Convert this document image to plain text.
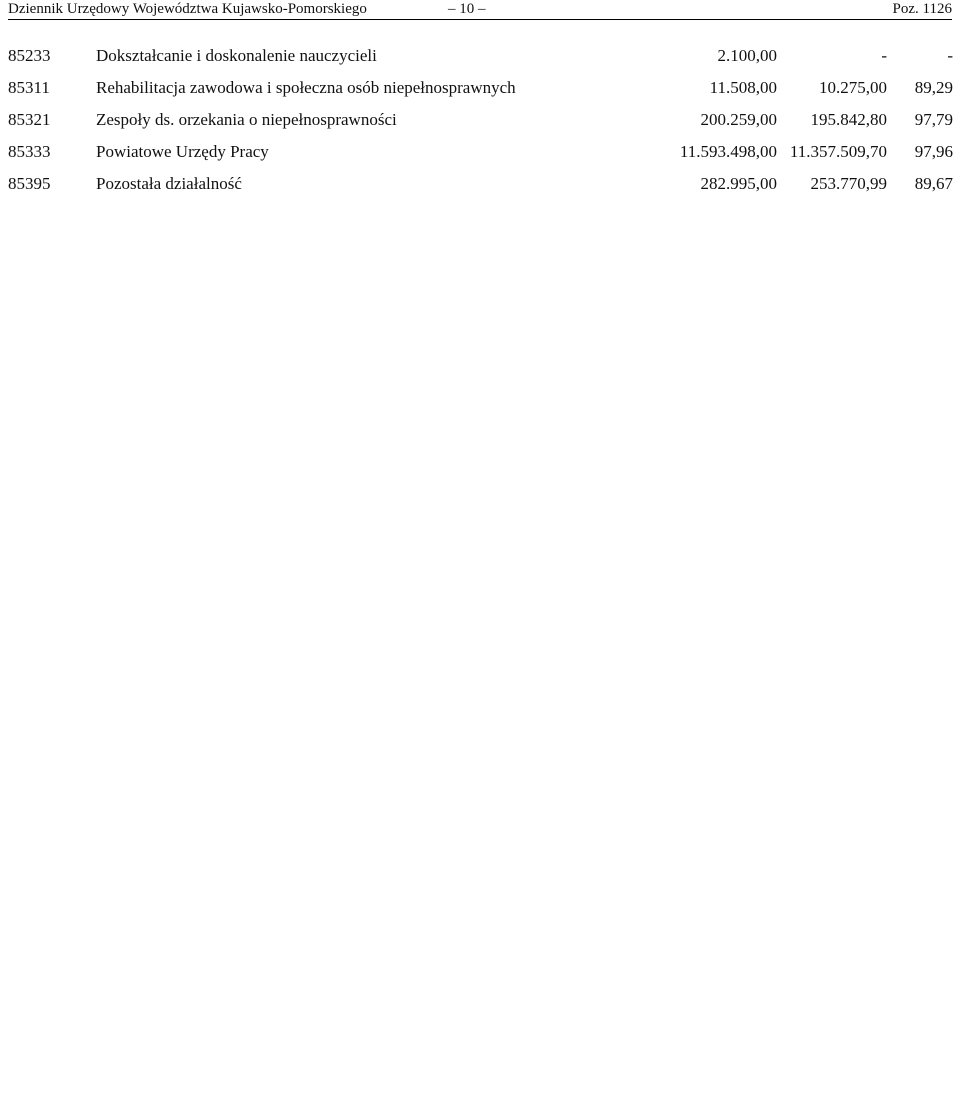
Dziennik Urzędowy Województwa Kujawsko-Pomorskiego	– 10 –	Poz. 1126
85233	Dokształcanie i doskonalenie nauczycieli	2.100,00	-	-
85311	Rehabilitacja zawodowa i społeczna osób niepełnosprawnych	11.508,00	10.275,00	89,29
85321	Zespoły ds. orzekania o niepełnosprawności	200.259,00	195.842,80	97,79
85333	Powiatowe Urzędy Pracy	11.593.498,00	11.357.509,70	97,96
85395	Pozostała działalność	282.995,00	253.770,99	89,67
